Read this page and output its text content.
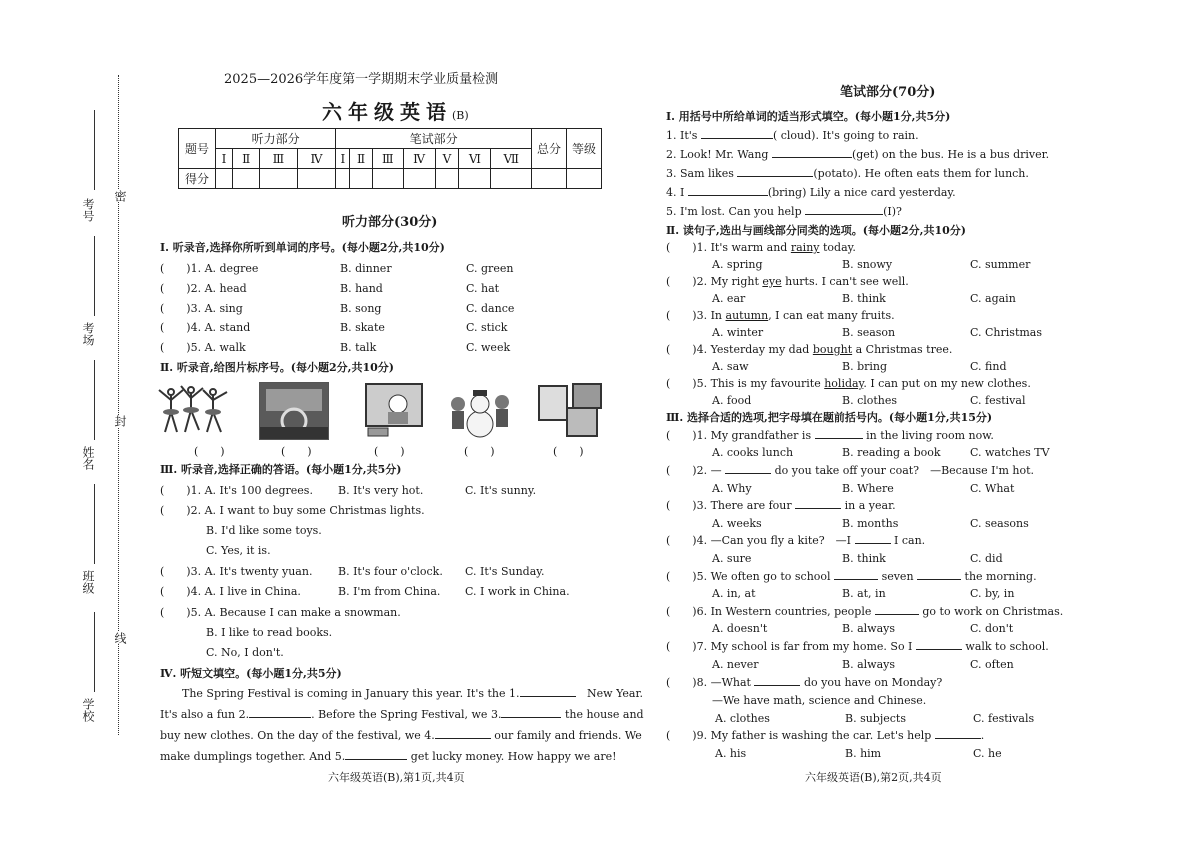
考号
密
考场
封
姓名
班级
线
学校
2025—2026学年度第一学期期末学业质量检测
六年级英语(B)
题号	听力部分				笔试部分							总分	等级
	Ⅰ	Ⅱ	Ⅲ	Ⅳ	Ⅰ	Ⅱ	Ⅲ	Ⅳ	Ⅴ	Ⅵ	Ⅶ		
得分													
听力部分(30分)
Ⅰ. 听录音,选择你所听到单词的序号。(每小题2分,共10分)
(　　)1. A. degree	B. dinner	C. green
(　　)2. A. head	B. hand	C. hat
(　　)3. A. sing	B. song	C. dance
(　　)4. A. stand	B. skate	C. stick
(　　)5. A. walk	B. talk	C. week
Ⅱ. 听录音,给图片标序号。(每小题2分,共10分)
(　　)	(　　)	(　　)	(　　)	(　　)
Ⅲ. 听录音,选择正确的答语。(每小题1分,共5分)
(　　)1. A. It's 100 degrees. B. It's very hot.	C. It's sunny.
(　　)2. A. I want to buy some Christmas lights.
B. I'd like some toys.
C. Yes, it is.
(　　)3. A. It's twenty yuan. B. It's four o'clock. C. It's Sunday.
(　　)4. A. I live in China.	B. I'm from China. C. I work in China.
(　　)5. A. Because I can make a snowman.
B. I like to read books.
C. No, I don't.
Ⅳ. 听短文填空。(每小题1分,共5分)
The Spring Festival is coming in January this year. It's the 1.	New Year.
It's also a fun 2.	. Before the Spring Festival, we 3.	the house and
buy new clothes. On the day of the festival, we 4.	our family and friends. We
make dumplings together. And 5.	get lucky money. How happy we are!
六年级英语(B),第1页,共4页
笔试部分(70分)
Ⅰ. 用括号中所给单词的适当形式填空。(每小题1分,共5分)
1. It's	( cloud). It's going to rain.
2. Look! Mr. Wang	(get) on the bus. He is a bus driver.
3. Sam likes	(potato). He often eats them for lunch.
4. I	(bring) Lily a nice card yesterday.
5. I'm lost. Can you help	(I)?
Ⅱ. 读句子,选出与画线部分同类的选项。(每小题2分,共10分)
(　　)1. It's warm and rainy today.
A. spring	B. snowy	C. summer
(　　)2. My right eye hurts. I can't see well.
A. ear	B. think	C. again
(　　)3. In autumn, I can eat many fruits.
A. winter	B. season	C. Christmas
(　　)4. Yesterday my dad bought a Christmas tree.
A. saw	B. bring	C. find
(　　)5. This is my favourite holiday. I can put on my new clothes.
A. food	B. clothes	C. festival
Ⅲ. 选择合适的选项,把字母填在题前括号内。(每小题1分,共15分)
(　　)1. My grandfather is	in the living room now.
A. cooks lunch	B. reading a book	C. watches TV
(　　)2. —	do you take off your coat?　—Because I'm hot.
A. Why	B. Where	C. What
(　　)3. There are four	in a year.
A. weeks	B. months	C. seasons
(　　)4. —Can you fly a kite?　—I	I can.
A. sure	B. think	C. did
(　　)5. We often go to school	seven	the morning.
A. in, at	B. at, in	C. by, in
(　　)6. In Western countries, people	go to work on Christmas.
A. doesn't	B. always	C. don't
(　　)7. My school is far from my home. So I	walk to school.
A. never	B. always	C. often
(　　)8. —What	do you have on Monday?
—We have math, science and Chinese.
A. clothes	B. subjects	C. festivals
(　　)9. My father is washing the car. Let's help	.
A. his	B. him	C. he
六年级英语(B),第2页,共4页
